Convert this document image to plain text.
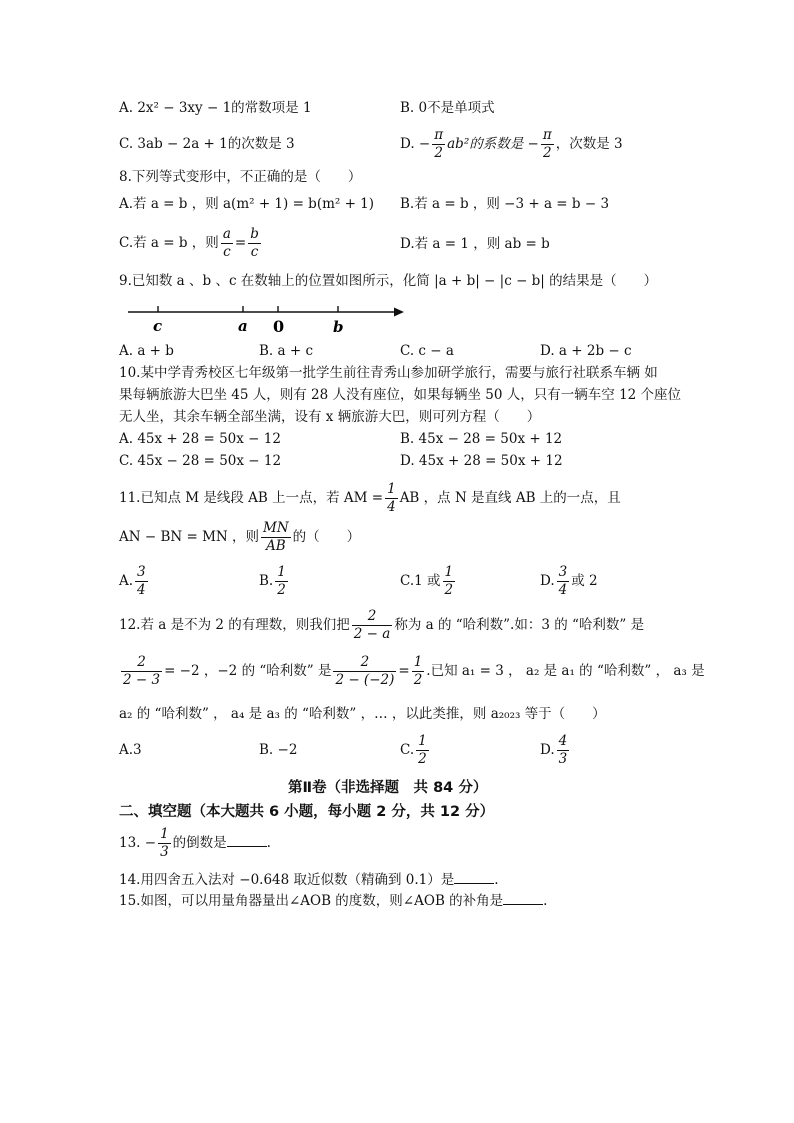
A. 2x² − 3xy − 1的常数项是 1	B. 0不是单项式
C. 3ab − 2a + 1的次数是 3	D. − $\frac{\pi}{2} ab^2$的系数是 − $\frac{\pi}{2}$ ，次数是 3
8.下列等式变形中，不正确的是（　　）
A.若 a = b ，则 a(m² + 1) = b(m² + 1) B.若 a = b ，则 −3 + a = b − 3
C.若 a = b ，则 $\frac{a}{c} = \frac{b}{c}$	D.若 a = 1 ，则 ab = b
9.已知数 a 、b 、c 在数轴上的位置如图所示，化简 |a + b| − |c − b| 的结果是（　　）
c	a 0	b
A. a + b	B. a + c	C. c − a	D. a + 2b − c
10.某中学青秀校区七年级第一批学生前往青秀山参加研学旅行，需要与旅行社联系车辆 如
果每辆旅游大巴坐 45 人，则有 28 人没有座位，如果每辆坐 50 人，只有一辆车空 12 个座位
无人坐，其余车辆全部坐满，设有 x 辆旅游大巴，则可列方程（　　）
A. 45x + 28 = 50x − 12	B. 45x − 28 = 50x + 12
C. 45x − 28 = 50x − 12	D. 45x + 28 = 50x + 12
11.已知点 M 是线段 AB 上一点，若 AM = $\frac{1}{4}$ AB ，点 N 是直线 AB 上的一点，且
AN − BN = MN ，则 $\frac{MN}{AB}$ 的（　　）
A. $\frac{3}{4}$	B. $\frac{1}{2}$	C.1 或 $\frac{1}{2}$	D. $\frac{3}{4}$ 或 2
12.若 a 是不为 2 的有理数，则我们把 $\frac{2}{2 - a}$ 称为 a 的 “哈利数”.如：3 的 “哈利数” 是
$\frac{2}{2 - 3} = -2$ ，−2 的 “哈利数” 是 $\frac{2}{2 - (-2)} = \frac{1}{2}$ .已知 a₁ = 3 ， a₂ 是 a₁ 的 “哈利数” ， a₃ 是
a₂ 的 “哈利数” ， a₄ 是 a₃ 的 “哈利数” ，… ，以此类推，则 a₂₀₂₃ 等于（　　）
A.3	B. −2	C. $\frac{1}{2}$	D. $\frac{4}{3}$
第Ⅱ卷（非选择题　共 84 分）
二、填空题（本大题共 6 小题，每小题 2 分，共 12 分）
13. − $\frac{1}{3}$ 的倒数是	.
14.用四舍五入法对 −0.648 取近似数（精确到 0.1）是	.
15.如图，可以用量角器量出∠AOB 的度数，则∠AOB 的补角是	.
